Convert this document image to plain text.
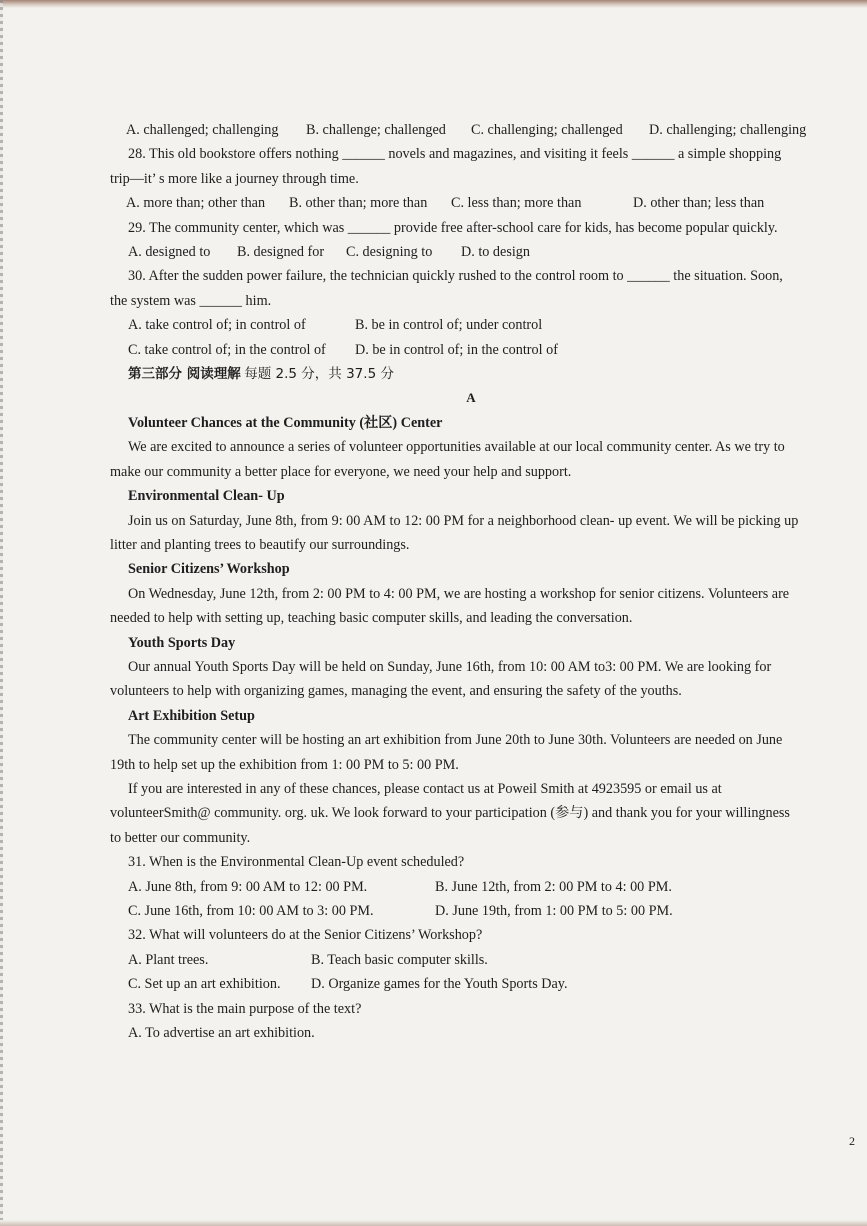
A. challenged; challenging B. challenge; challenged C. challenging; challenged D. challenging; challenging
28. This old bookstore offers nothing ______ novels and magazines, and visiting it feels ______ a simple shopping
trip—it’ s more like a journey through time.
A. more than; other than B. other than; more than C. less than; more than	D. other than; less than
29. The community center, which was ______ provide free after-school care for kids, has become popular quickly.
A. designed to B. designed for C. designing to D. to design
30. After the sudden power failure, the technician quickly rushed to the control room to ______ the situation. Soon,
the system was ______ him.
A. take control of; in control of	B. be in control of; under control
C. take control of; in the control of D. be in control of; in the control of
第三部分 阅读理解 每题 2.5 分，共 37.5 分
A
Volunteer Chances at the Community (社区) Center
We are excited to announce a series of volunteer opportunities available at our local community center. As we try to
make our community a better place for everyone, we need your help and support.
Environmental Clean- Up
Join us on Saturday, June 8th, from 9: 00 AM to 12: 00 PM for a neighborhood clean- up event. We will be picking up
litter and planting trees to beautify our surroundings.
Senior Citizens’ Workshop
On Wednesday, June 12th, from 2: 00 PM to 4: 00 PM, we are hosting a workshop for senior citizens. Volunteers are
needed to help with setting up, teaching basic computer skills, and leading the conversation.
Youth Sports Day
Our annual Youth Sports Day will be held on Sunday, June 16th, from 10: 00 AM to3: 00 PM. We are looking for
volunteers to help with organizing games, managing the event, and ensuring the safety of the youths.
Art Exhibition Setup
The community center will be hosting an art exhibition from June 20th to June 30th. Volunteers are needed on June
19th to help set up the exhibition from 1: 00 PM to 5: 00 PM.
If you are interested in any of these chances, please contact us at Poweil Smith at 4923595 or email us at
volunteerSmith@ community. org. uk. We look forward to your participation (参与) and thank you for your willingness
to better our community.
31. When is the Environmental Clean-Up event scheduled?
A. June 8th, from 9: 00 AM to 12: 00 PM.	B. June 12th, from 2: 00 PM to 4: 00 PM.
C. June 16th, from 10: 00 AM to 3: 00 PM.	D. June 19th, from 1: 00 PM to 5: 00 PM.
32. What will volunteers do at the Senior Citizens’ Workshop?
A. Plant trees.	B. Teach basic computer skills.
C. Set up an art exhibition. D. Organize games for the Youth Sports Day.
33. What is the main purpose of the text?
A. To advertise an art exhibition.
2
